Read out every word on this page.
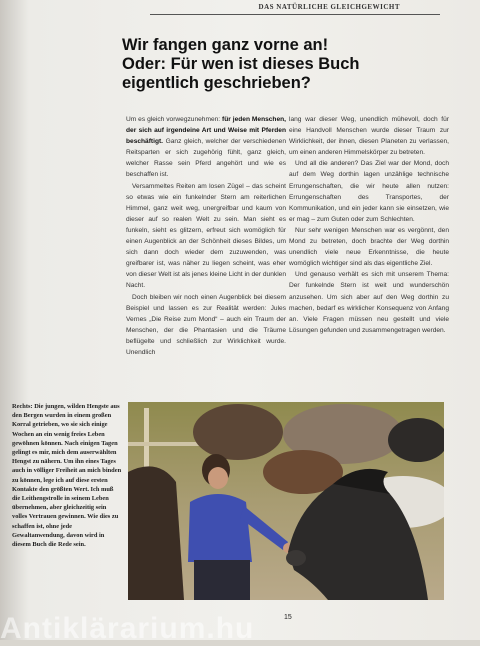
DAS NATÜRLICHE GLEICHGEWICHT
Wir fangen ganz vorne an!
Oder: Für wen ist dieses Buch
eigentlich geschrieben?

Um es gleich vorwegzunehmen: für jeden Menschen, der sich auf irgendeine Art und Weise mit Pferden beschäftigt. Ganz gleich, welcher der verschiedenen Reitsparten er sich zugehörig fühlt, ganz gleich, welcher Rasse sein Pferd angehört und wie es beschaffen ist.

Versammeltes Reiten am losen Zügel – das scheint so etwas wie ein funkelnder Stern am reiterlichen Himmel, ganz weit weg, unergreifbar und kaum von dieser auf so realen Welt zu sein. Man sieht es funkeln, sieht es glitzern, erfreut sich womöglich für einen Augenblick an der Schönheit dieses Bildes, um sich dann doch wieder dem zuzuwenden, was greifbarer ist, was näher zu liegen scheint, was eher von dieser Welt ist als jenes kleine Licht in der dunklen Nacht.

Doch bleiben wir noch einen Augenblick bei diesem Beispiel und lassen es zur Realität werden: Jules Vernes „Die Reise zum Mond“ – auch ein Traum der Menschen, der die Phantasien und die Träume beflügelte und schließlich zur Wirklichkeit wurde. Unendlich

lang war dieser Weg, unendlich mühevoll, doch für eine Handvoll Menschen wurde dieser Traum zur Wirklichkeit, der ihnen, diesen Planeten zu verlassen, um einen anderen Himmelskörper zu betreten.

Und all die anderen? Das Ziel war der Mond, doch auf dem Weg dorthin lagen unzählige technische Errungenschaften, die wir heute allen nutzen: Errungenschaften des Transportes, der Kommunikation, und ein jeder kann sie einsetzen, wie er mag – zum Guten oder zum Schlechten.

Nur sehr wenigen Menschen war es vergönnt, den Mond zu betreten, doch brachte der Weg dorthin unendlich viele neue Erkenntnisse, die heute womöglich wichtiger sind als das eigentliche Ziel.

Und genauso verhält es sich mit unserem Thema: Der funkelnde Stern ist weit und wunderschön anzusehen. Um sich aber auf den Weg dorthin zu machen, bedarf es wirklicher Konsequenz von Anfang an. Viele Fragen müssen neu gestellt und viele Lösungen gefunden und zusammengetragen werden.

Rechts: Die jungen, wilden Hengste aus den Bergen wurden in einem großen Korral getrieben, wo sie sich einige Wochen an ein wenig freies Leben gewöhnen können. Nach einigen Tagen gelingt es mir, mich dem auserwählten Hengst zu nähern. Um ihn eines Tages auch in völliger Freiheit an mich binden zu können, lege ich auf diese ersten Kontakte den größten Wert. Ich muß die Leithengstrolle in seinem Leben übernehmen, aber gleichzeitig sein volles Vertrauen gewinnen. Wie dies zu schaffen ist, ohne jede Gewaltanwendung, davon wird in diesem Buch die Rede sein.
15
Antiklärarium.hu
